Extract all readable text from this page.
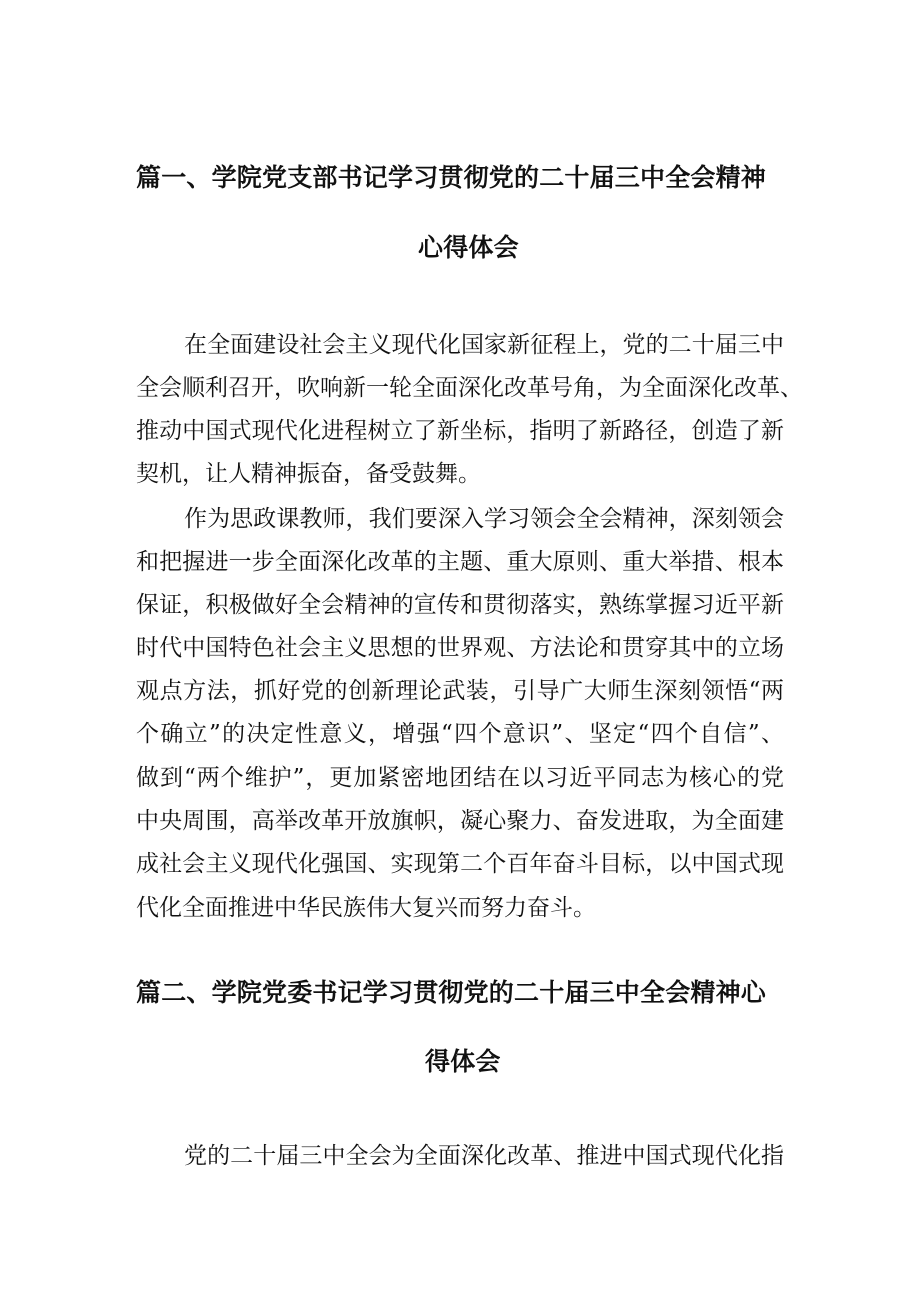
篇一、学院党支部书记学习贯彻党的二十届三中全会精神
心得体会
在全面建设社会主义现代化国家新征程上，党的二十届三中
全会顺利召开，吹响新一轮全面深化改革号角，为全面深化改革、
推动中国式现代化进程树立了新坐标，指明了新路径，创造了新
契机，让人精神振奋，备受鼓舞。
作为思政课教师，我们要深入学习领会全会精神，深刻领会
和把握进一步全面深化改革的主题、重大原则、重大举措、根本
保证，积极做好全会精神的宣传和贯彻落实，熟练掌握习近平新
时代中国特色社会主义思想的世界观、方法论和贯穿其中的立场
观点方法，抓好党的创新理论武装，引导广大师生深刻领悟“两
个确立”的决定性意义，增强“四个意识”、坚定“四个自信”、
做到“两个维护”，更加紧密地团结在以习近平同志为核心的党
中央周围，高举改革开放旗帜，凝心聚力、奋发进取，为全面建
成社会主义现代化强国、实现第二个百年奋斗目标，以中国式现
代化全面推进中华民族伟大复兴而努力奋斗。
篇二、学院党委书记学习贯彻党的二十届三中全会精神心
得体会
党的二十届三中全会为全面深化改革、推进中国式现代化指
